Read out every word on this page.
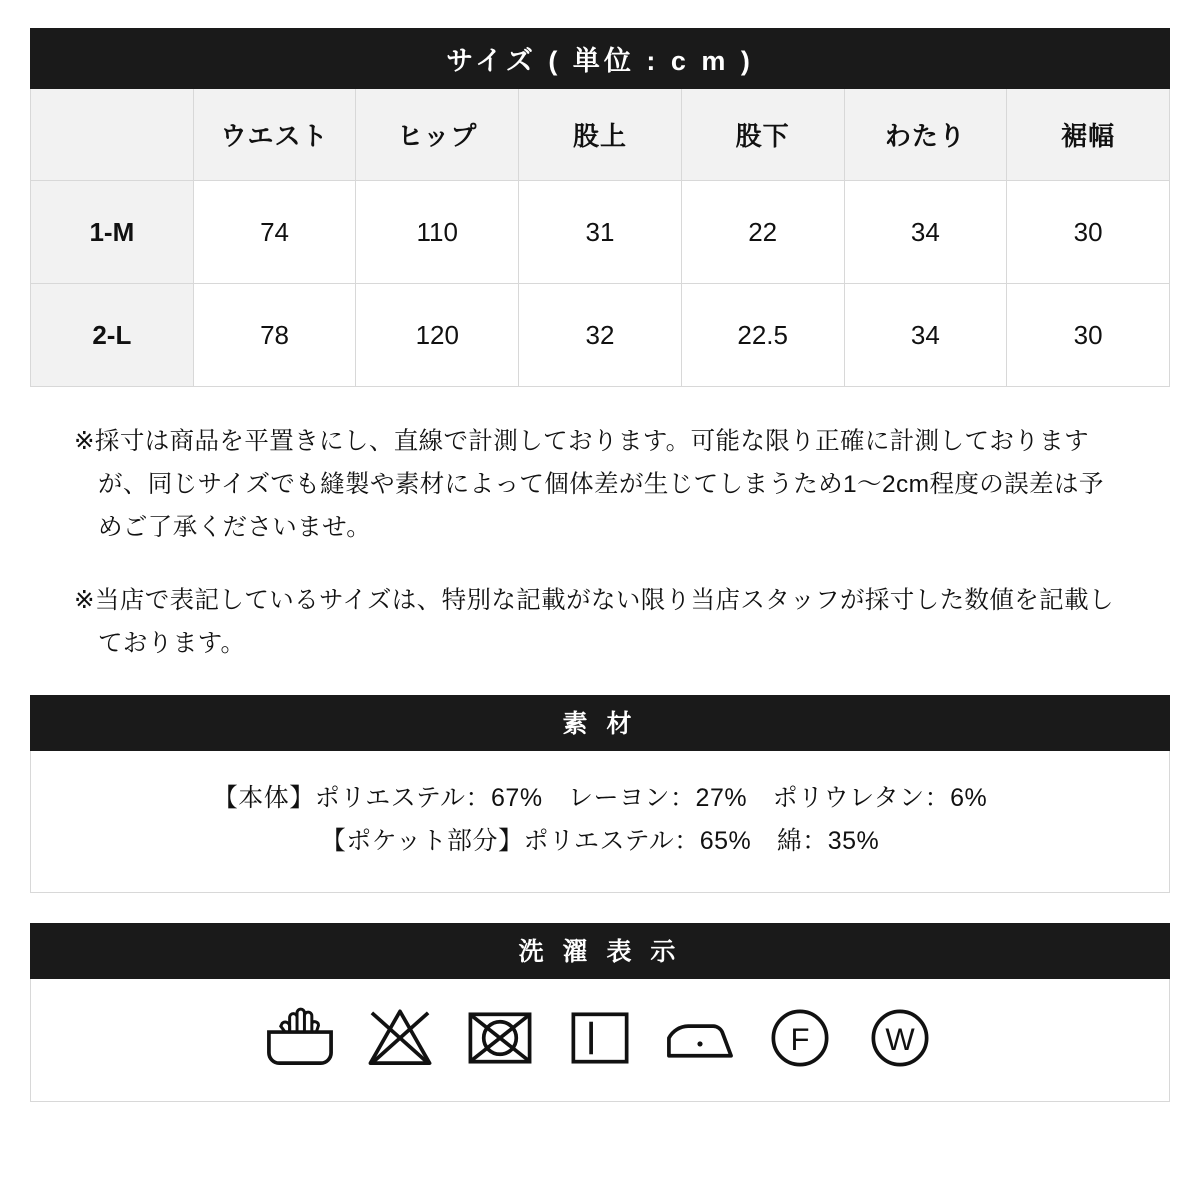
サイズ ( 単位 : c m )						
	ウエスト	ヒップ	股上	股下	わたり	裾幅
1-M	74	110	31	22	34	30
2-L	78	120	32	22.5	34	30

※採寸は商品を平置きにし、直線で計測しております。可能な限り正確に計測しておりますが、同じサイズでも縫製や素材によって個体差が生じてしまうため1〜2cm程度の誤差は予めご了承くださいませ。

※当店で表記しているサイズは、特別な記載がない限り当店スタッフが採寸した数値を記載しております。

素 材
【本体】ポリエステル：67%　レーヨン：27%　ポリウレタン：6%
【ポケット部分】ポリエステル：65%　綿：35%
洗 濯 表 示
F W
